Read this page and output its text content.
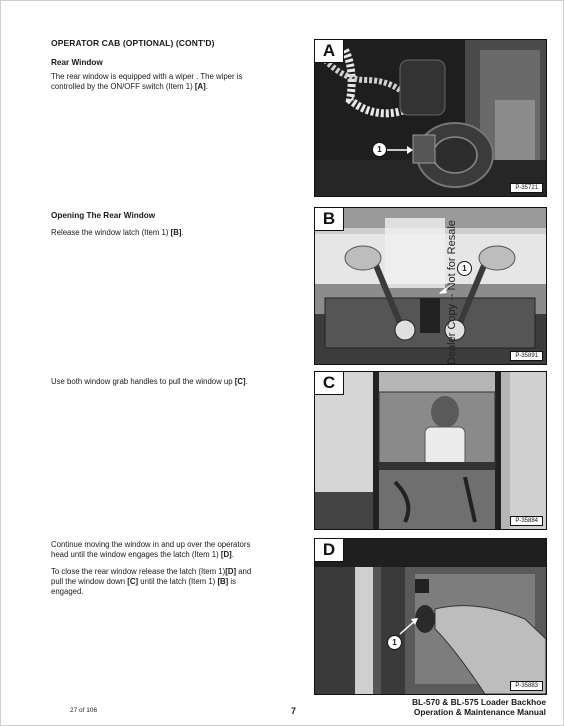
OPERATOR CAB (OPTIONAL) (CONT'D)
Rear Window
The rear window is equipped with a wiper . The wiper is
controlled by the ON/OFF switch (Item 1) [A].
Opening The Rear Window
Release the window latch (Item 1) [B].
Use both window grab handles to pull the window up [C].
Continue moving the window in and up over the operators
head until the window engages the latch (Item 1) [D].
To close the rear window release the latch (Item 1)[D] and
pull the window down [C] until the latch (Item 1) [B] is
engaged.
1
A
P-35721
1
B
P-35891
C
P-35884
1
D
P-35883
27 of 106	7
BL-570 & BL-575 Loader Backhoe
Operation & Maintenance Manual
